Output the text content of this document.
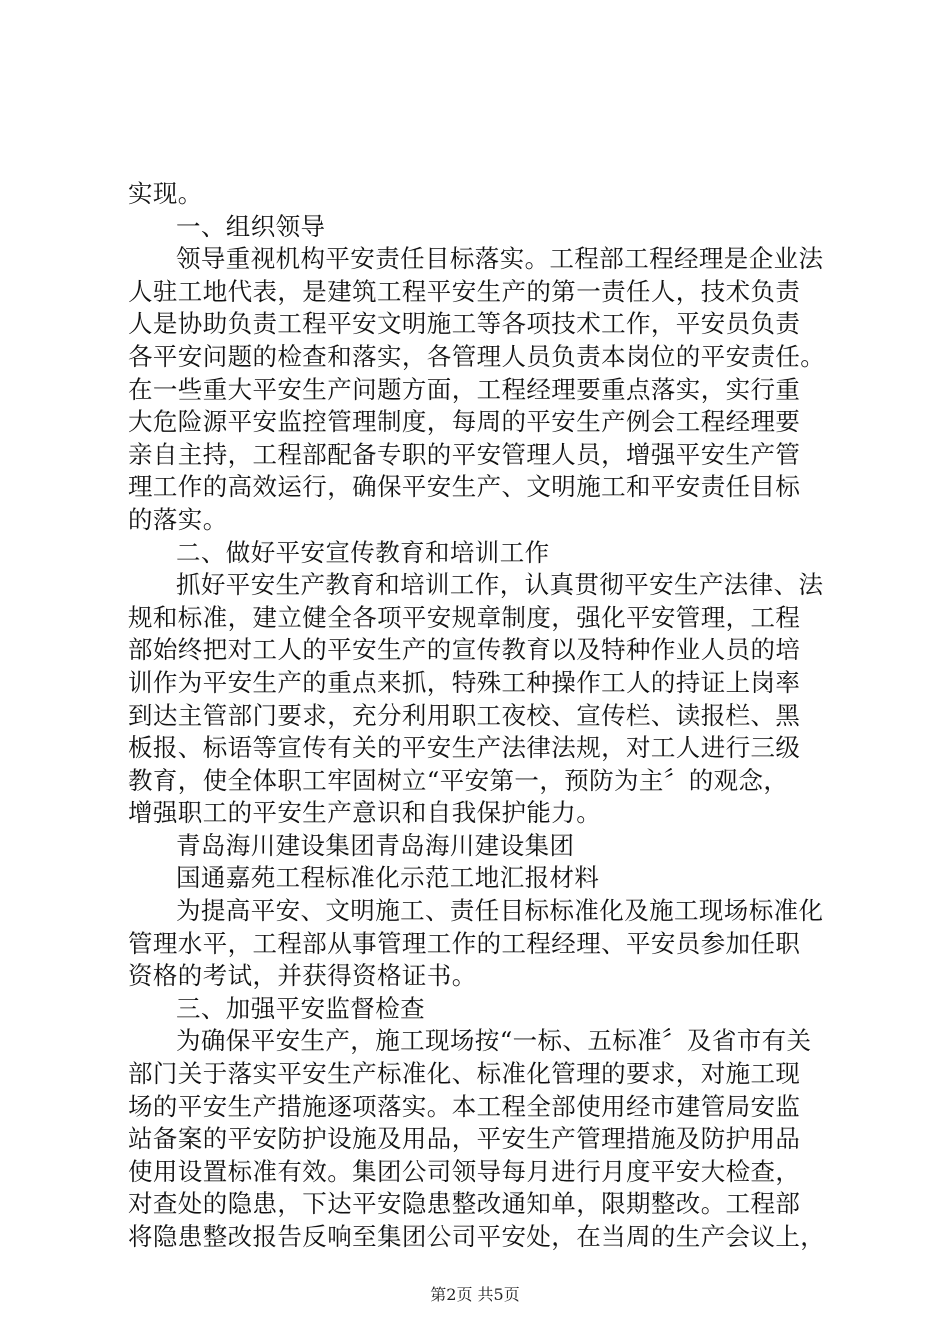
实现。
一、组织领导
领导重视机构平安责任目标落实。工程部工程经理是企业法
人驻工地代表，是建筑工程平安生产的第一责任人，技术负责
人是协助负责工程平安文明施工等各项技术工作，平安员负责
各平安问题的检查和落实，各管理人员负责本岗位的平安责任。
在一些重大平安生产问题方面，工程经理要重点落实，实行重
大危险源平安监控管理制度，每周的平安生产例会工程经理要
亲自主持，工程部配备专职的平安管理人员，增强平安生产管
理工作的高效运行，确保平安生产、文明施工和平安责任目标
的落实。
二、做好平安宣传教育和培训工作
抓好平安生产教育和培训工作，认真贯彻平安生产法律、法
规和标准，建立健全各项平安规章制度，强化平安管理，工程
部始终把对工人的平安生产的宣传教育以及特种作业人员的培
训作为平安生产的重点来抓，特殊工种操作工人的持证上岗率
到达主管部门要求，充分利用职工夜校、宣传栏、读报栏、黑
板报、标语等宣传有关的平安生产法律法规，对工人进行三级
教育，使全体职工牢固树立“平安第一，预防为主〞的观念，
增强职工的平安生产意识和自我保护能力。
青岛海川建设集团青岛海川建设集团
国通嘉苑工程标准化示范工地汇报材料
为提高平安、文明施工、责任目标标准化及施工现场标准化
管理水平，工程部从事管理工作的工程经理、平安员参加任职
资格的考试，并获得资格证书。
三、加强平安监督检查
为确保平安生产，施工现场按“一标、五标准〞及省市有关
部门关于落实平安生产标准化、标准化管理的要求，对施工现
场的平安生产措施逐项落实。本工程全部使用经市建管局安监
站备案的平安防护设施及用品，平安生产管理措施及防护用品
使用设置标准有效。集团公司领导每月进行月度平安大检查，
对查处的隐患，下达平安隐患整改通知单，限期整改。工程部
将隐患整改报告反响至集团公司平安处，在当周的生产会议上，
第2页 共5页
